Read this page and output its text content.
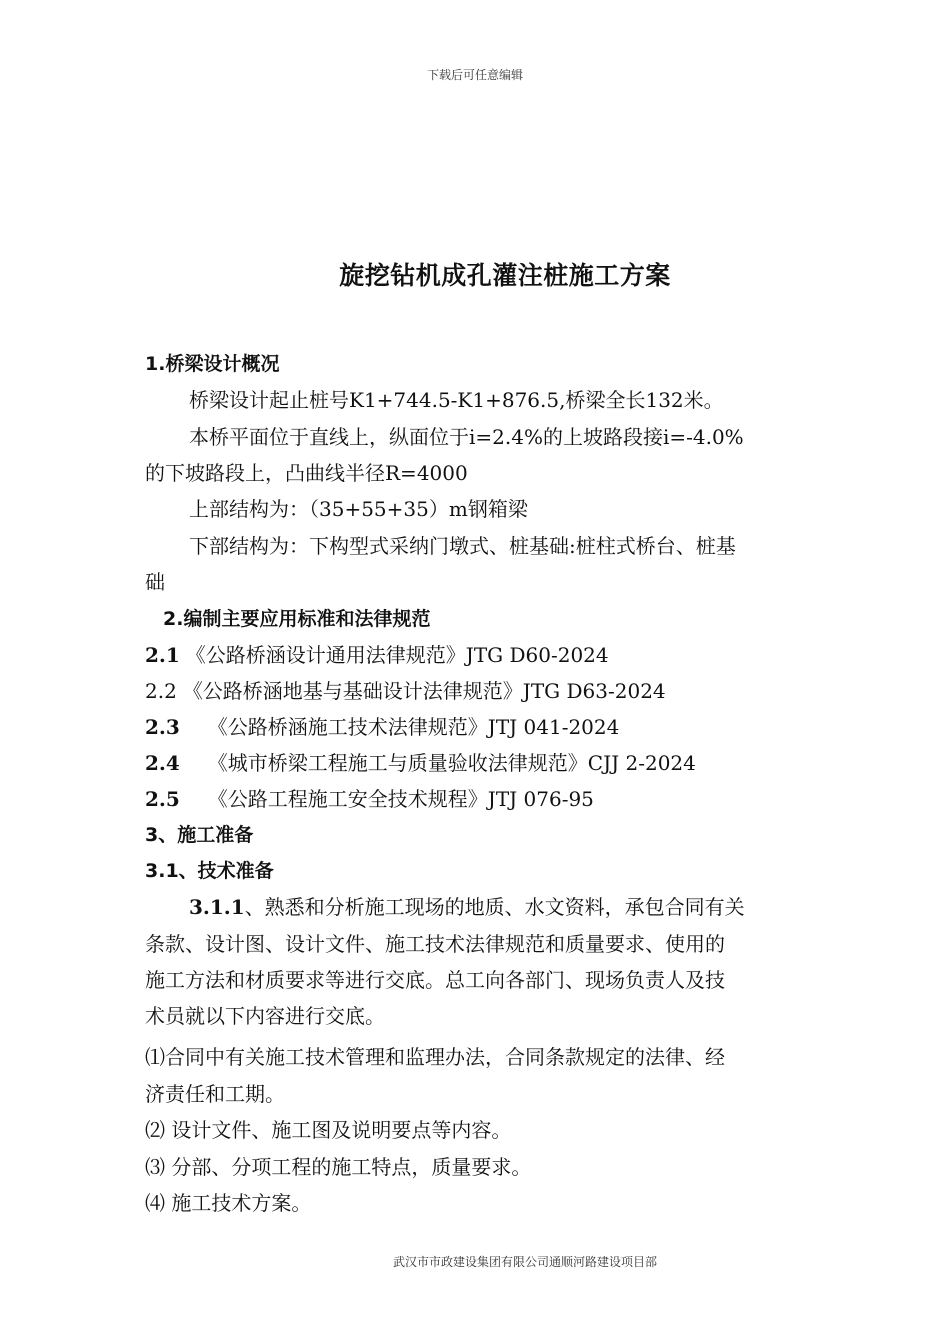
下载后可任意编辑
旋挖钻机成孔灌注桩施工方案
1.桥梁设计概况
桥梁设计起止桩号K1+744.5-K1+876.5,桥梁全长132米。
本桥平面位于直线上，纵面位于i=2.4%的上坡路段接i=-4.0%
的下坡路段上，凸曲线半径R=4000
上部结构为：（35+55+35）m钢箱梁
下部结构为：下构型式采纳门墩式、桩基础:桩柱式桥台、桩基
础
2.编制主要应用标准和法律规范
2.1 《公路桥涵设计通用法律规范》JTG D60-2024
2.2 《公路桥涵地基与基础设计法律规范》JTG D63-2024
2.3 《公路桥涵施工技术法律规范》JTJ 041-2024
2.4 《城市桥梁工程施工与质量验收法律规范》CJJ 2-2024
2.5 《公路工程施工安全技术规程》JTJ 076-95
3、施工准备
3.1、技术准备
3.1.1、熟悉和分析施工现场的地质、水文资料，承包合同有关
条款、设计图、设计文件、施工技术法律规范和质量要求、使用的
施工方法和材质要求等进行交底。总工向各部门、现场负责人及技
术员就以下内容进行交底。
⑴合同中有关施工技术管理和监理办法，合同条款规定的法律、经
济责任和工期。
⑵ 设计文件、施工图及说明要点等内容。
⑶ 分部、分项工程的施工特点，质量要求。
⑷ 施工技术方案。
武汉市市政建设集团有限公司通顺河路建设项目部
